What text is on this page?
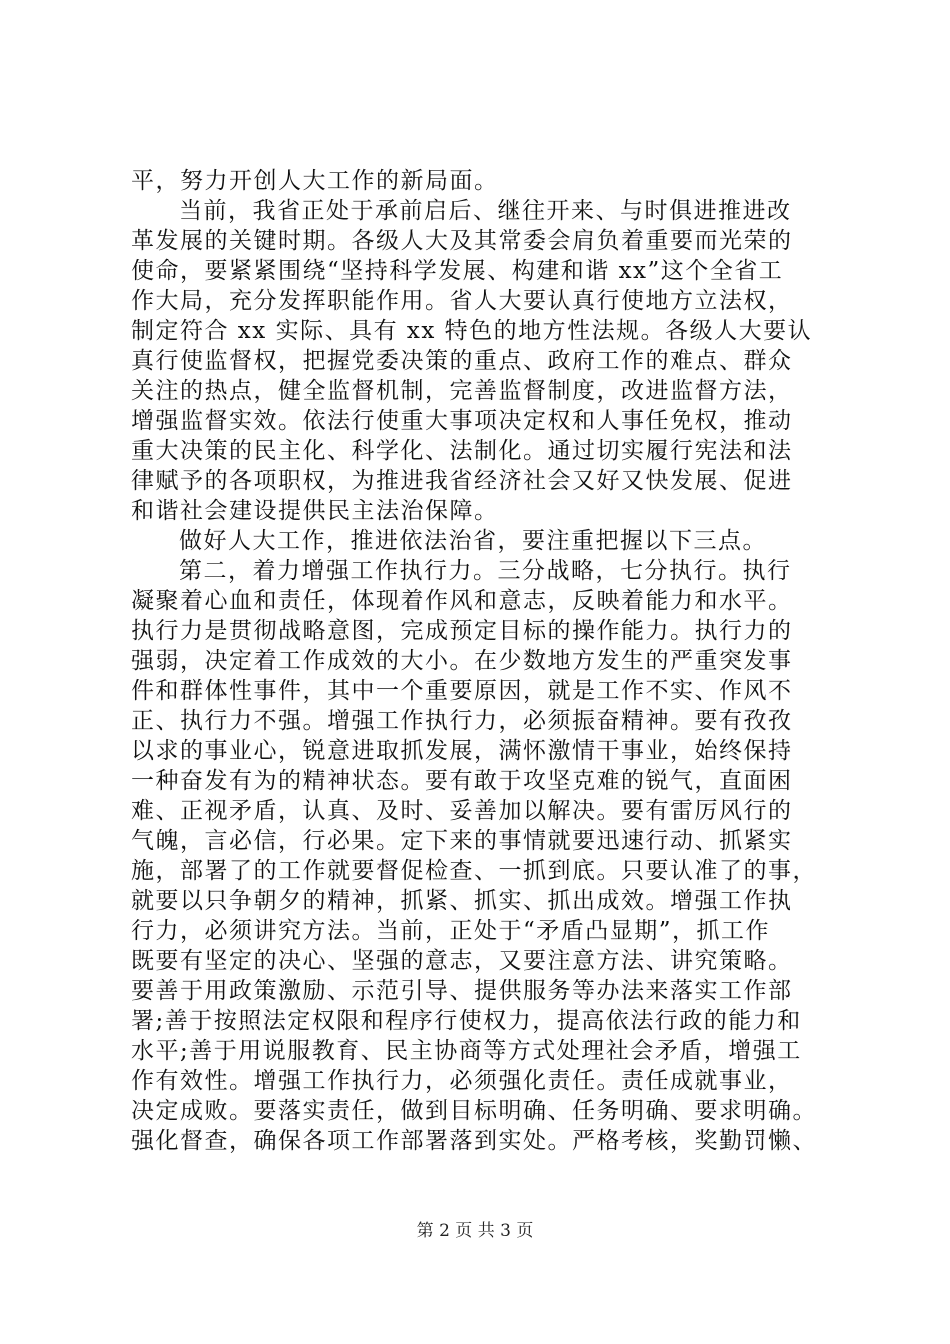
平，努力开创人大工作的新局面。
当前，我省正处于承前启后、继往开来、与时俱进推进改
革发展的关键时期。各级人大及其常委会肩负着重要而光荣的
使命，要紧紧围绕“坚持科学发展、构建和谐 xx”这个全省工
作大局，充分发挥职能作用。省人大要认真行使地方立法权，
制定符合 xx 实际、具有 xx 特色的地方性法规。各级人大要认
真行使监督权，把握党委决策的重点、政府工作的难点、群众
关注的热点，健全监督机制，完善监督制度，改进监督方法，
增强监督实效。依法行使重大事项决定权和人事任免权，推动
重大决策的民主化、科学化、法制化。通过切实履行宪法和法
律赋予的各项职权，为推进我省经济社会又好又快发展、促进
和谐社会建设提供民主法治保障。
做好人大工作，推进依法治省，要注重把握以下三点。
第二，着力增强工作执行力。三分战略，七分执行。执行
凝聚着心血和责任，体现着作风和意志，反映着能力和水平。
执行力是贯彻战略意图，完成预定目标的操作能力。执行力的
强弱，决定着工作成效的大小。在少数地方发生的严重突发事
件和群体性事件，其中一个重要原因，就是工作不实、作风不
正、执行力不强。增强工作执行力，必须振奋精神。要有孜孜
以求的事业心，锐意进取抓发展，满怀激情干事业，始终保持
一种奋发有为的精神状态。要有敢于攻坚克难的锐气，直面困
难、正视矛盾，认真、及时、妥善加以解决。要有雷厉风行的
气魄，言必信，行必果。定下来的事情就要迅速行动、抓紧实
施，部署了的工作就要督促检查、一抓到底。只要认准了的事，
就要以只争朝夕的精神，抓紧、抓实、抓出成效。增强工作执
行力，必须讲究方法。当前，正处于“矛盾凸显期”，抓工作
既要有坚定的决心、坚强的意志，又要注意方法、讲究策略。
要善于用政策激励、示范引导、提供服务等办法来落实工作部
署;善于按照法定权限和程序行使权力，提高依法行政的能力和
水平;善于用说服教育、民主协商等方式处理社会矛盾，增强工
作有效性。增强工作执行力，必须强化责任。责任成就事业，
决定成败。要落实责任，做到目标明确、任务明确、要求明确。
强化督查，确保各项工作部署落到实处。严格考核，奖勤罚懒、
第 2 页 共 3 页
